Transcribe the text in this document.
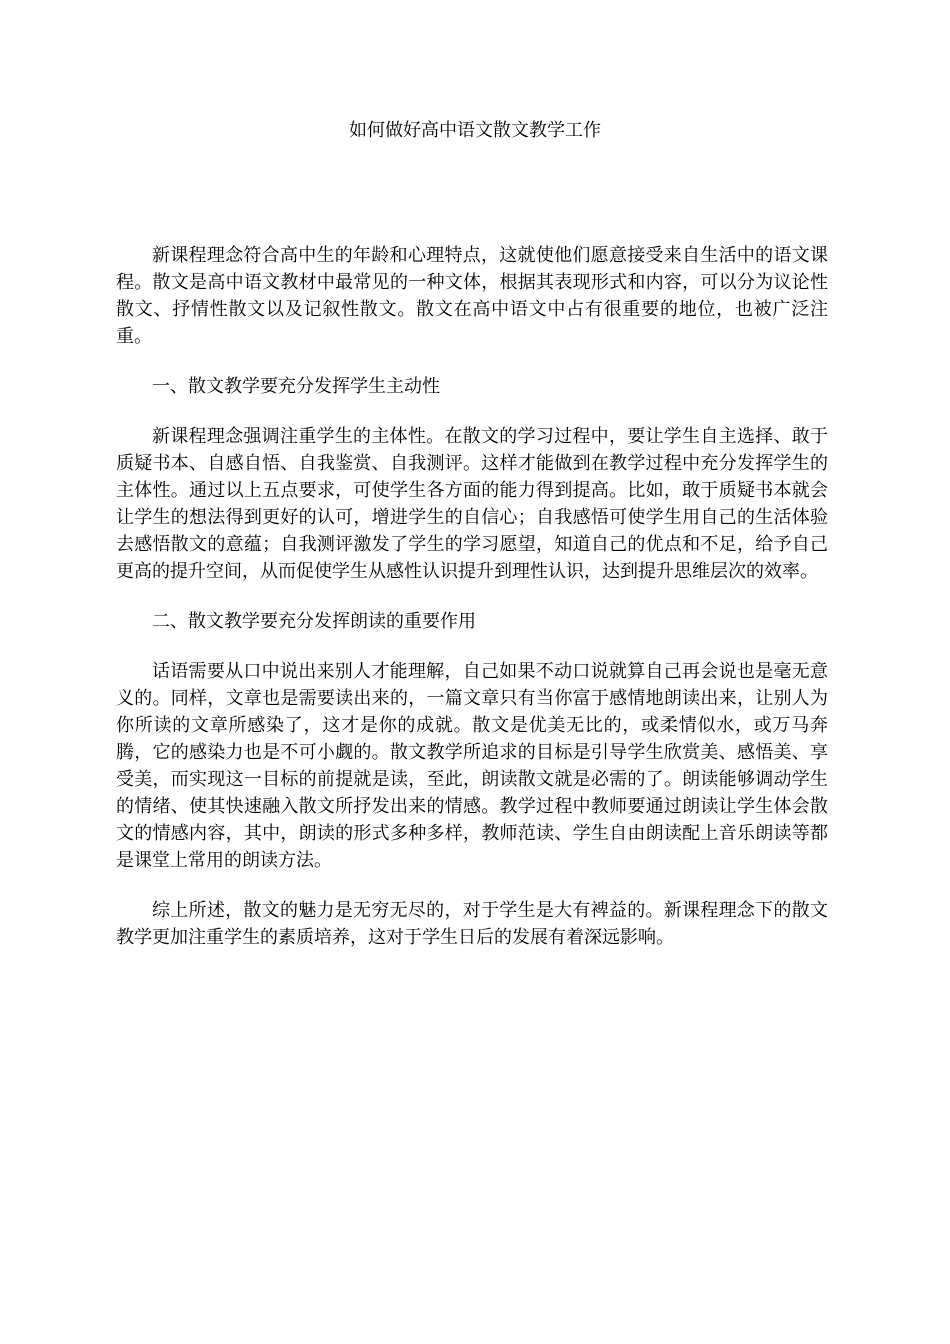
如何做好高中语文散文教学工作

新课程理念符合高中生的年龄和心理特点，这就使他们愿意接受来自生活中的语文课程。散文是高中语文教材中最常见的一种文体，根据其表现形式和内容，可以分为议论性散文、抒情性散文以及记叙性散文。散文在高中语文中占有很重要的地位，也被广泛注重。

一、散文教学要充分发挥学生主动性

新课程理念强调注重学生的主体性。在散文的学习过程中，要让学生自主选择、敢于质疑书本、自感自悟、自我鉴赏、自我测评。这样才能做到在教学过程中充分发挥学生的主体性。通过以上五点要求，可使学生各方面的能力得到提高。比如，敢于质疑书本就会让学生的想法得到更好的认可，增进学生的自信心；自我感悟可使学生用自己的生活体验去感悟散文的意蕴；自我测评激发了学生的学习愿望，知道自己的优点和不足，给予自己更高的提升空间，从而促使学生从感性认识提升到理性认识，达到提升思维层次的效率。

二、散文教学要充分发挥朗读的重要作用

话语需要从口中说出来别人才能理解，自己如果不动口说就算自己再会说也是毫无意义的。同样，文章也是需要读出来的，一篇文章只有当你富于感情地朗读出来，让别人为你所读的文章所感染了，这才是你的成就。散文是优美无比的，或柔情似水，或万马奔腾，它的感染力也是不可小觑的。散文教学所追求的目标是引导学生欣赏美、感悟美、享受美，而实现这一目标的前提就是读，至此，朗读散文就是必需的了。朗读能够调动学生的情绪、使其快速融入散文所抒发出来的情感。教学过程中教师要通过朗读让学生体会散文的情感内容，其中，朗读的形式多种多样，教师范读、学生自由朗读配上音乐朗读等都是课堂上常用的朗读方法。

综上所述，散文的魅力是无穷无尽的，对于学生是大有裨益的。新课程理念下的散文教学更加注重学生的素质培养，这对于学生日后的发展有着深远影响。
